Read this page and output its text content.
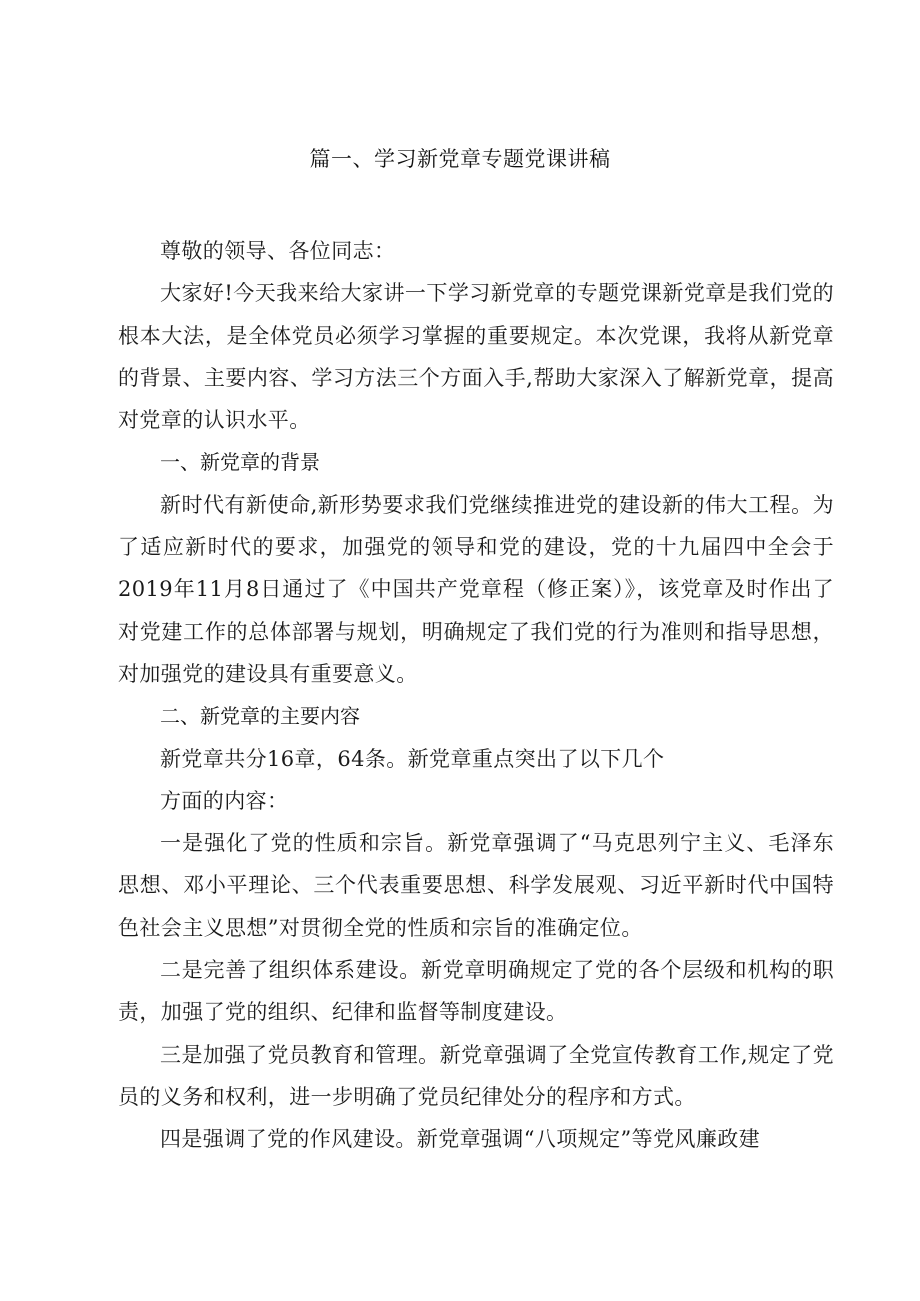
篇一、学习新党章专题党课讲稿

尊敬的领导、各位同志：

大家好!今天我来给大家讲一下学习新党章的专题党课新党章是我们党的根本大法，是全体党员必须学习掌握的重要规定。本次党课，我将从新党章的背景、主要内容、学习方法三个方面入手,帮助大家深入了解新党章，提高对党章的认识水平。

一、新党章的背景

新时代有新使命,新形势要求我们党继续推进党的建设新的伟大工程。为了适应新时代的要求，加强党的领导和党的建设，党的十九届四中全会于2019年11月8日通过了《中国共产党章程（修正案）》，该党章及时作出了对党建工作的总体部署与规划，明确规定了我们党的行为准则和指导思想，对加强党的建设具有重要意义。

二、新党章的主要内容

新党章共分16章，64条。新党章重点突出了以下几个

方面的内容：

一是强化了党的性质和宗旨。新党章强调了“马克思列宁主义、毛泽东思想、邓小平理论、三个代表重要思想、科学发展观、习近平新时代中国特色社会主义思想”对贯彻全党的性质和宗旨的准确定位。

二是完善了组织体系建设。新党章明确规定了党的各个层级和机构的职责，加强了党的组织、纪律和监督等制度建设。

三是加强了党员教育和管理。新党章强调了全党宣传教育工作,规定了党员的义务和权利，进一步明确了党员纪律处分的程序和方式。

四是强调了党的作风建设。新党章强调“八项规定”等党风廉政建
